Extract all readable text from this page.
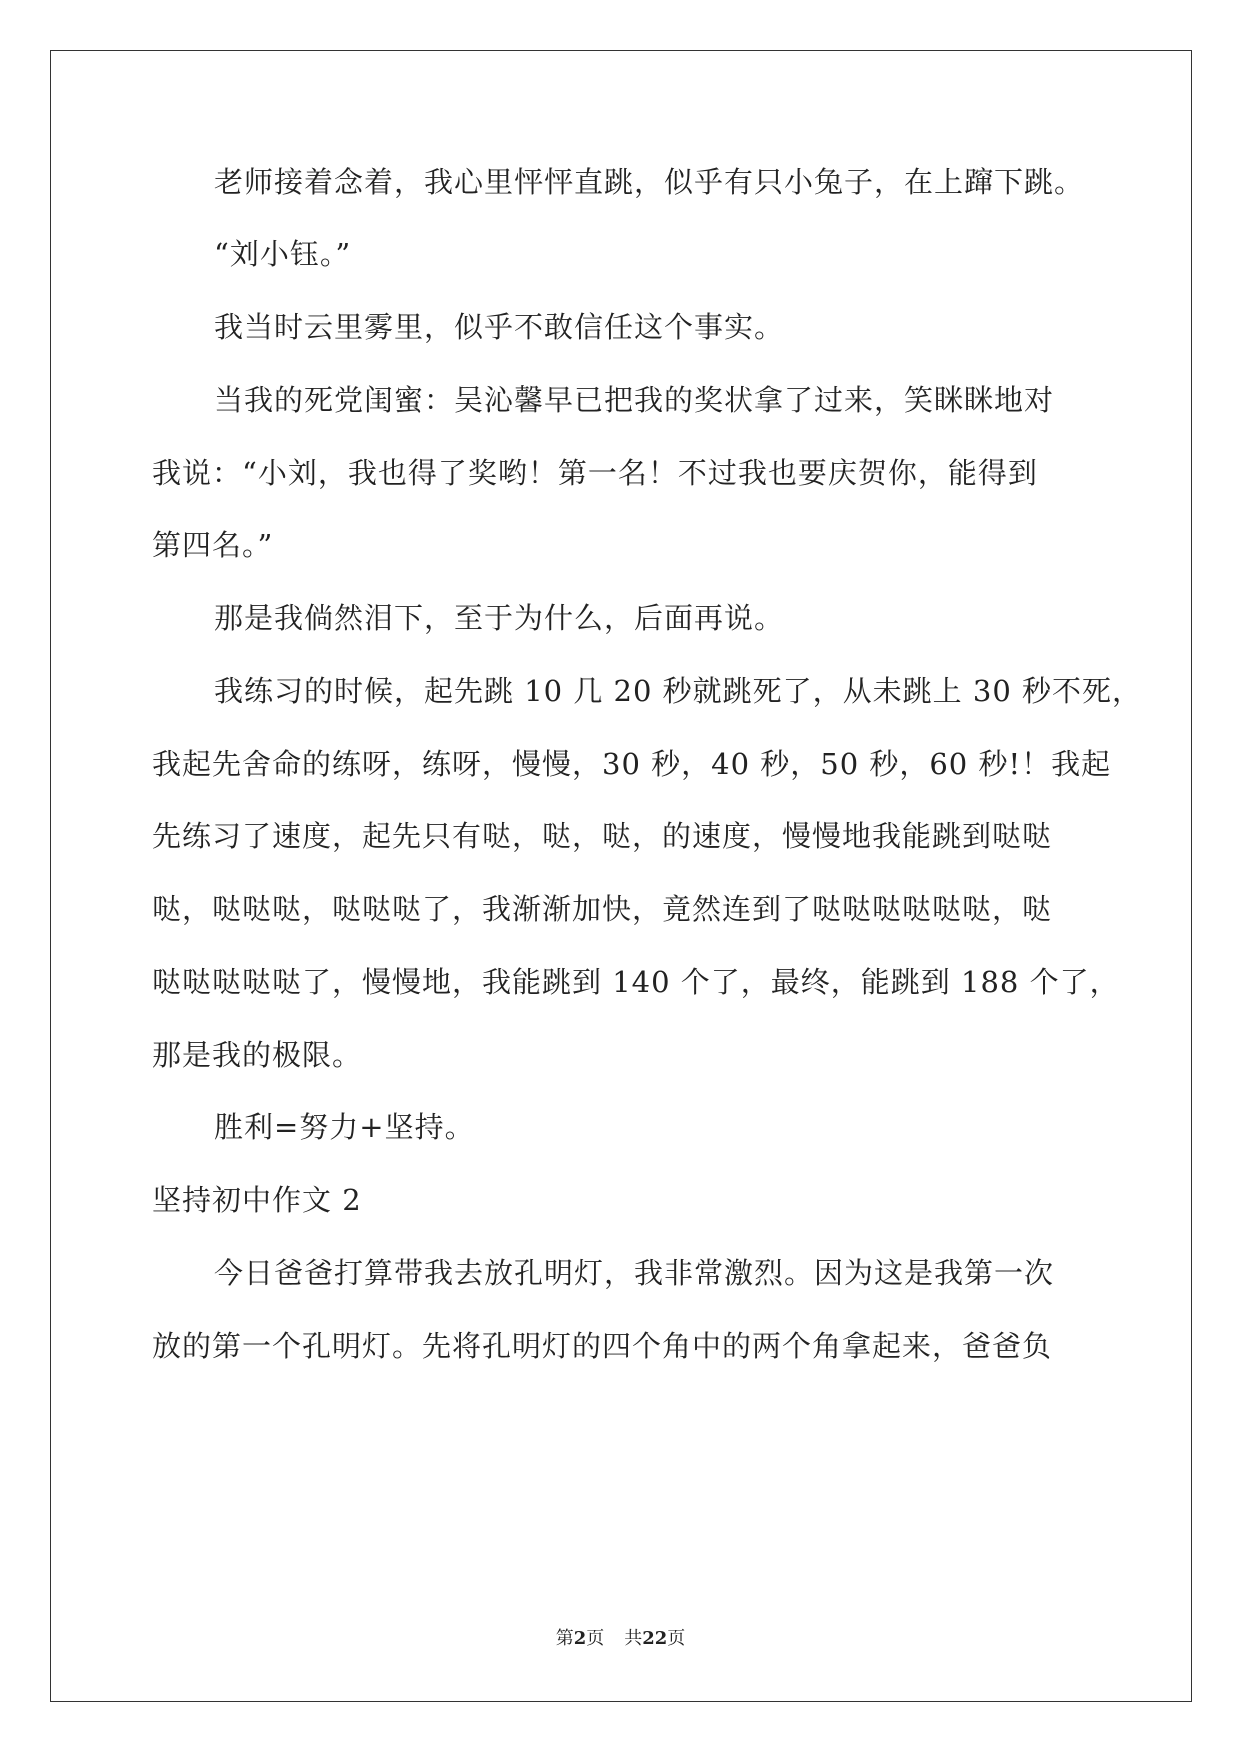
老师接着念着，我心里怦怦直跳，似乎有只小兔子，在上蹿下跳。
“刘小钰。”
我当时云里雾里，似乎不敢信任这个事实。
当我的死党闺蜜：吴沁馨早已把我的奖状拿了过来，笑眯眯地对
我说：“小刘，我也得了奖哟！第一名！不过我也要庆贺你，能得到
第四名。”
那是我倘然泪下，至于为什么，后面再说。
我练习的时候，起先跳 10 几 20 秒就跳死了，从未跳上 30 秒不死，
我起先舍命的练呀，练呀，慢慢，30 秒，40 秒，50 秒，60 秒!！我起
先练习了速度，起先只有哒，哒，哒，的速度，慢慢地我能跳到哒哒
哒，哒哒哒，哒哒哒了，我渐渐加快，竟然连到了哒哒哒哒哒哒，哒
哒哒哒哒哒了，慢慢地，我能跳到 140 个了，最终，能跳到 188 个了，
那是我的极限。
胜利=努力+坚持。
坚持初中作文 2
今日爸爸打算带我去放孔明灯，我非常激烈。因为这是我第一次
放的第一个孔明灯。先将孔明灯的四个角中的两个角拿起来，爸爸负
第2页 共22页
